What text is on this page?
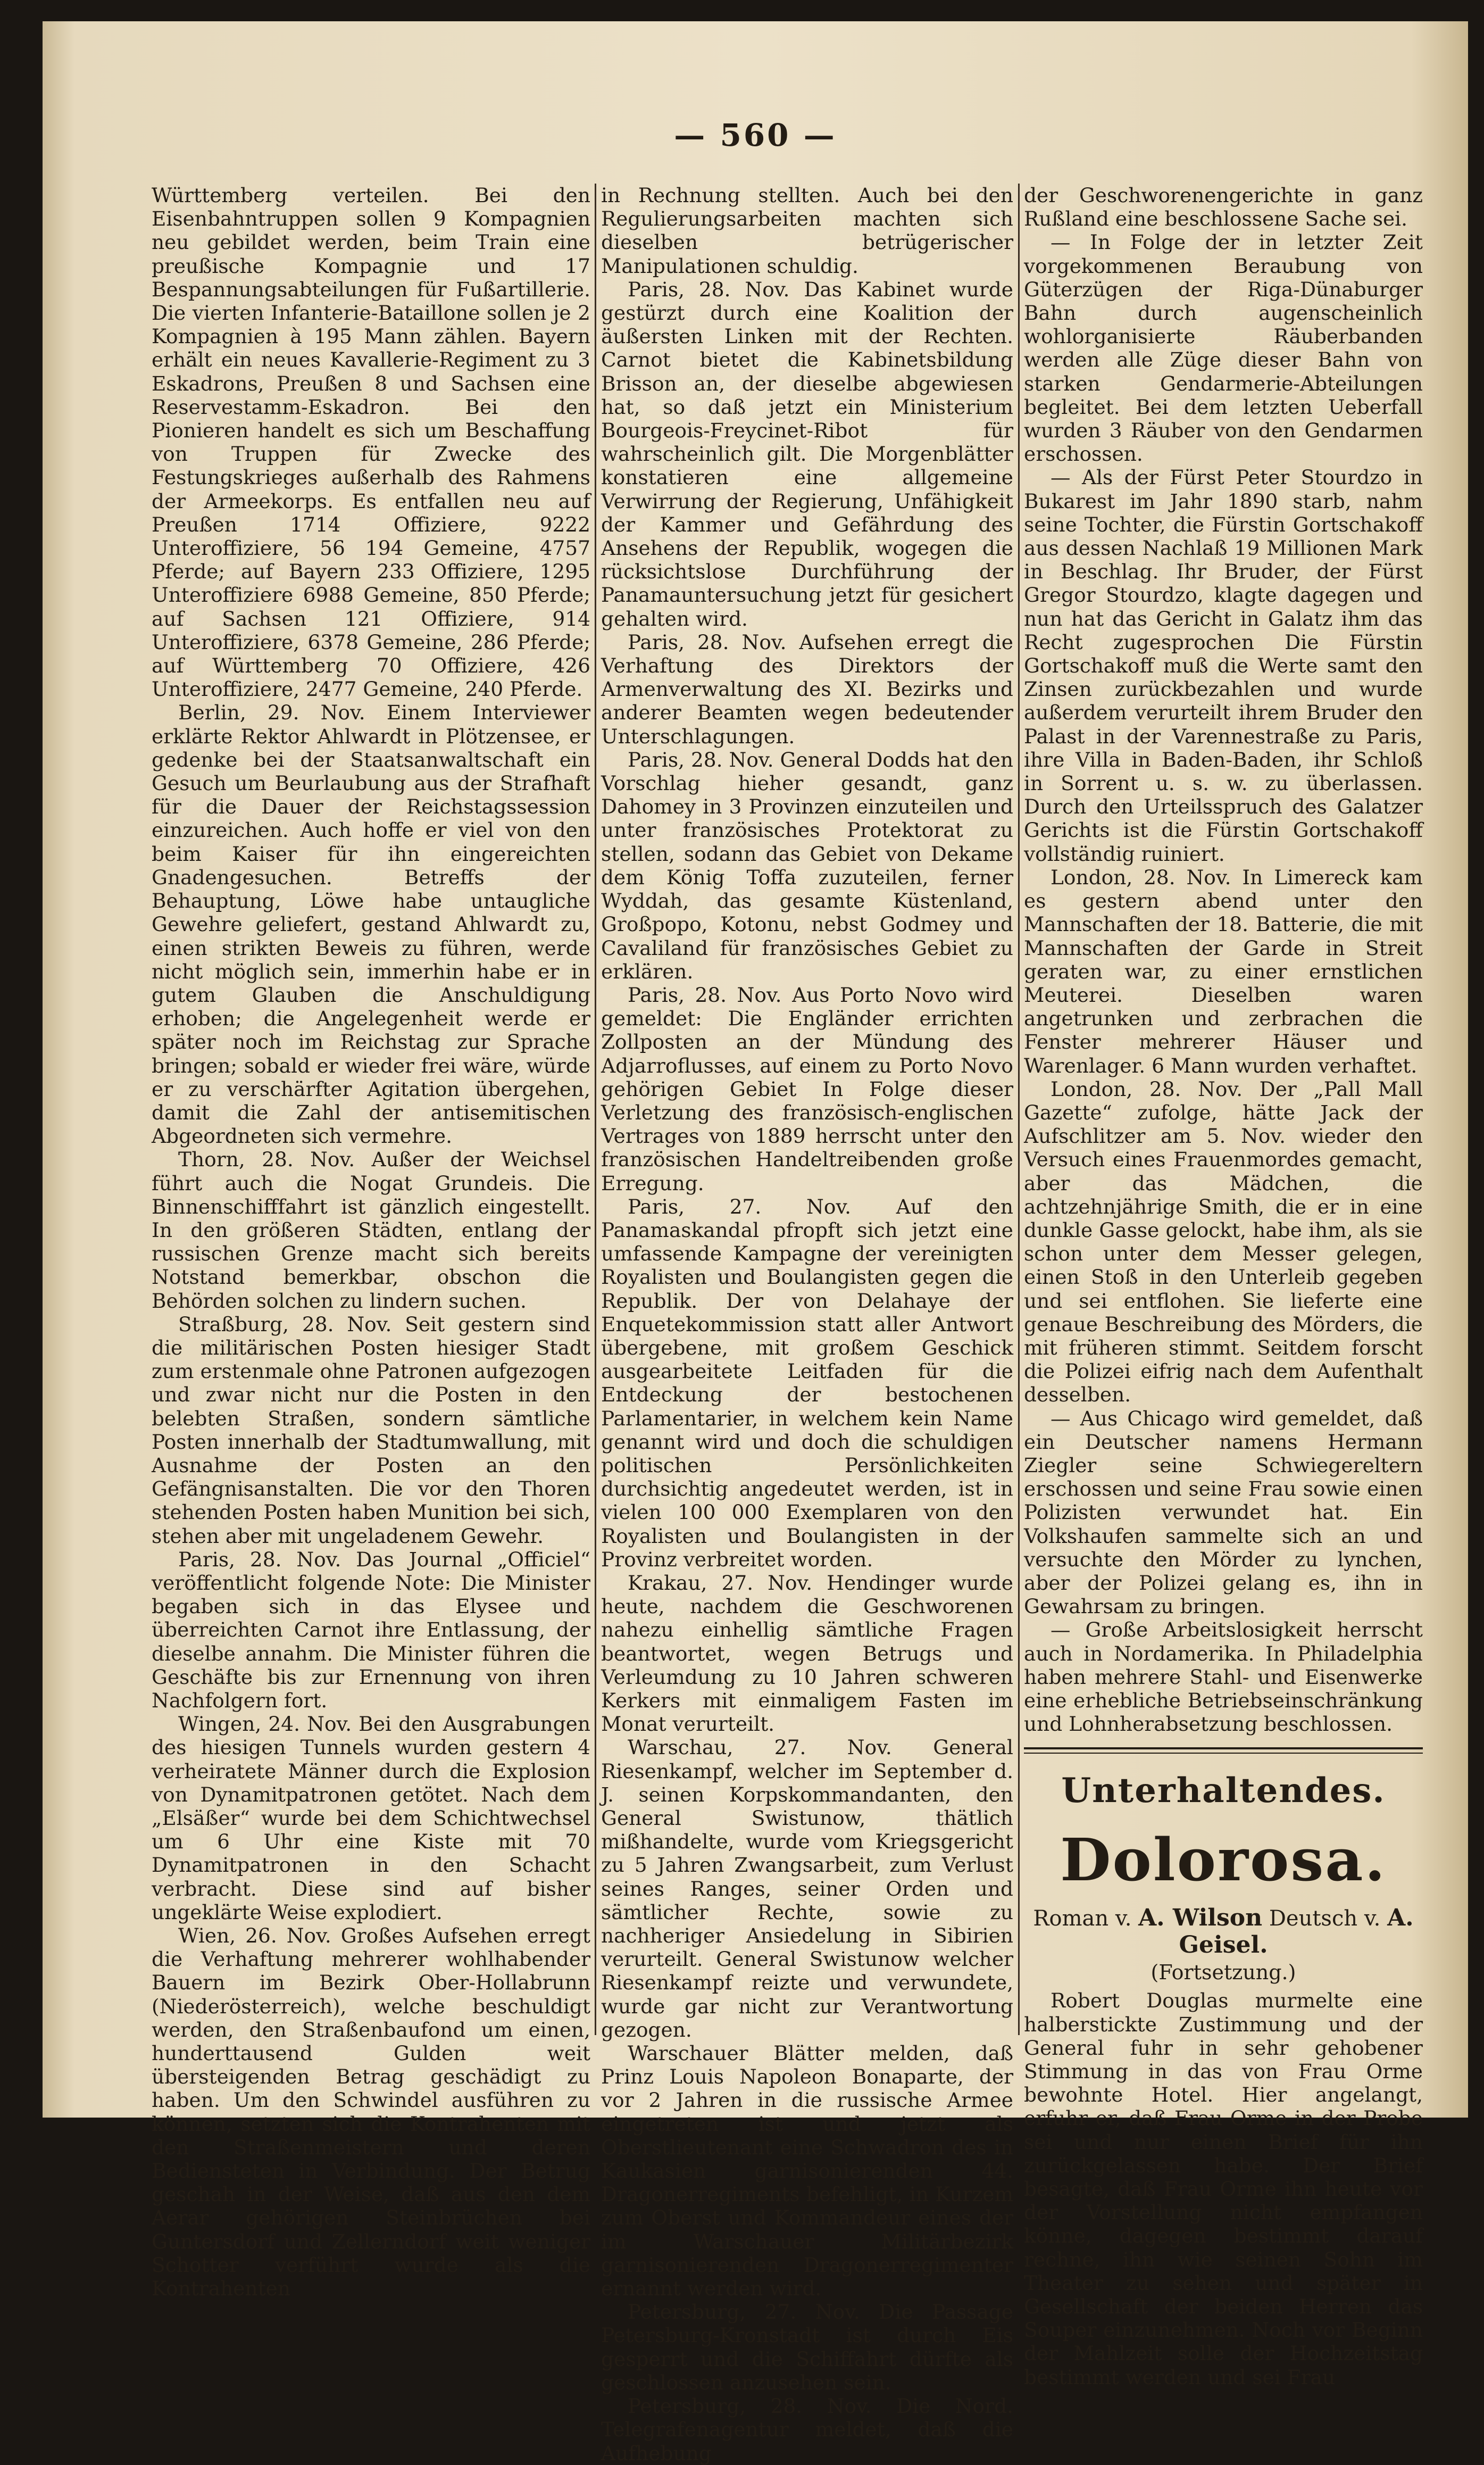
— 560 —

Württemberg verteilen. Bei den Eisenbahntruppen sollen 9 Kompagnien neu gebildet werden, beim Train eine preußische Kompagnie und 17 Bespannungsabteilungen für Fußartillerie. Die vierten Infanterie-Bataillone sollen je 2 Kompagnien à 195 Mann zählen. Bayern erhält ein neues Kavallerie-Regiment zu 3 Eskadrons, Preußen 8 und Sachsen eine Reservestamm-Eskadron. Bei den Pionieren handelt es sich um Beschaffung von Truppen für Zwecke des Festungskrieges außerhalb des Rahmens der Armeekorps. Es entfallen neu auf Preußen 1714 Offiziere, 9222 Unteroffiziere, 56 194 Gemeine, 4757 Pferde; auf Bayern 233 Offiziere, 1295 Unteroffiziere 6988 Gemeine, 850 Pferde; auf Sachsen 121 Offiziere, 914 Unteroffiziere, 6378 Gemeine, 286 Pferde; auf Württemberg 70 Offiziere, 426 Unteroffiziere, 2477 Gemeine, 240 Pferde.

Berlin, 29. Nov. Einem Interviewer erklärte Rektor Ahlwardt in Plötzensee, er gedenke bei der Staatsanwaltschaft ein Gesuch um Beurlaubung aus der Strafhaft für die Dauer der Reichstagssession einzureichen. Auch hoffe er viel von den beim Kaiser für ihn eingereichten Gnadengesuchen. Betreffs der Behauptung, Löwe habe untaugliche Gewehre geliefert, gestand Ahlwardt zu, einen strikten Beweis zu führen, werde nicht möglich sein, immerhin habe er in gutem Glauben die Anschuldigung erhoben; die Angelegenheit werde er später noch im Reichstag zur Sprache bringen; sobald er wieder frei wäre, würde er zu verschärfter Agitation übergehen, damit die Zahl der antisemitischen Abgeordneten sich vermehre.

Thorn, 28. Nov. Außer der Weichsel führt auch die Nogat Grundeis. Die Binnenschifffahrt ist gänzlich eingestellt. In den größeren Städten, entlang der russischen Grenze macht sich bereits Notstand bemerkbar, obschon die Behörden solchen zu lindern suchen.

Straßburg, 28. Nov. Seit gestern sind die militärischen Posten hiesiger Stadt zum erstenmale ohne Patronen aufgezogen und zwar nicht nur die Posten in den belebten Straßen, sondern sämtliche Posten innerhalb der Stadtumwallung, mit Ausnahme der Posten an den Gefängnisanstalten. Die vor den Thoren stehenden Posten haben Munition bei sich, stehen aber mit ungeladenem Gewehr.

Paris, 28. Nov. Das Journal „Officiel“ veröffentlicht folgende Note: Die Minister begaben sich in das Elysee und überreichten Carnot ihre Entlassung, der dieselbe annahm. Die Minister führen die Geschäfte bis zur Ernennung von ihren Nachfolgern fort.

Wingen, 24. Nov. Bei den Ausgrabungen des hiesigen Tunnels wurden gestern 4 verheiratete Männer durch die Explosion von Dynamitpatronen getötet. Nach dem „Elsäßer“ wurde bei dem Schichtwechsel um 6 Uhr eine Kiste mit 70 Dynamitpatronen in den Schacht verbracht. Diese sind auf bisher ungeklärte Weise explodiert.

Wien, 26. Nov. Großes Aufsehen erregt die Verhaftung mehrerer wohlhabender Bauern im Bezirk Ober-Hollabrunn (Niederösterreich), welche beschuldigt werden, den Straßenbaufond um einen, hunderttausend Gulden weit übersteigenden Betrag geschädigt zu haben. Um den Schwindel ausführen zu können, setzten sich die Kontrahenten mit den Straßenmeistern und deren Bediensteten in Verbindung. Der Betrug geschah in der Weise, daß aus den dem Aerar gehörigen Steinbrüchen bei Guntersdorf und Zellerndorf weit weniger Schotter verführt wurde als die Kontrahenten

in Rechnung stellten. Auch bei den Regulierungsarbeiten machten sich dieselben betrügerischer Manipulationen schuldig.

Paris, 28. Nov. Das Kabinet wurde gestürzt durch eine Koalition der äußersten Linken mit der Rechten. Carnot bietet die Kabinetsbildung Brisson an, der dieselbe abgewiesen hat, so daß jetzt ein Ministerium Bourgeois-Freycinet-Ribot für wahrscheinlich gilt. Die Morgenblätter konstatieren eine allgemeine Verwirrung der Regierung, Unfähigkeit der Kammer und Gefährdung des Ansehens der Republik, wogegen die rücksichtslose Durchführung der Panamauntersuchung jetzt für gesichert gehalten wird.

Paris, 28. Nov. Aufsehen erregt die Verhaftung des Direktors der Armenverwaltung des XI. Bezirks und anderer Beamten wegen bedeutender Unterschlagungen.

Paris, 28. Nov. General Dodds hat den Vorschlag hieher gesandt, ganz Dahomey in 3 Provinzen einzuteilen und unter französisches Protektorat zu stellen, sodann das Gebiet von Dekame dem König Toffa zuzuteilen, ferner Wyddah, das gesamte Küstenland, Großpopo, Kotonu, nebst Godmey und Cavaliland für französisches Gebiet zu erklären.

Paris, 28. Nov. Aus Porto Novo wird gemeldet: Die Engländer errichten Zollposten an der Mündung des Adjarroflusses, auf einem zu Porto Novo gehörigen Gebiet In Folge dieser Verletzung des französisch-englischen Vertrages von 1889 herrscht unter den französischen Handeltreibenden große Erregung.

Paris, 27. Nov. Auf den Panamaskandal pfropft sich jetzt eine umfassende Kampagne der vereinigten Royalisten und Boulangisten gegen die Republik. Der von Delahaye der Enquetekommission statt aller Antwort übergebene, mit großem Geschick ausgearbeitete Leitfaden für die Entdeckung der bestochenen Parlamentarier, in welchem kein Name genannt wird und doch die schuldigen politischen Persönlichkeiten durchsichtig angedeutet werden, ist in vielen 100 000 Exemplaren von den Royalisten und Boulangisten in der Provinz verbreitet worden.

Krakau, 27. Nov. Hendinger wurde heute, nachdem die Geschworenen nahezu einhellig sämtliche Fragen beantwortet, wegen Betrugs und Verleumdung zu 10 Jahren schweren Kerkers mit einmaligem Fasten im Monat verurteilt.

Warschau, 27. Nov. General Riesenkampf, welcher im September d. J. seinen Korpskommandanten, den General Swistunow, thätlich mißhandelte, wurde vom Kriegsgericht zu 5 Jahren Zwangsarbeit, zum Verlust seines Ranges, seiner Orden und sämtlicher Rechte, sowie zu nachheriger Ansiedelung in Sibirien verurteilt. General Swistunow welcher Riesenkampf reizte und verwundete, wurde gar nicht zur Verantwortung gezogen.

Warschauer Blätter melden, daß Prinz Louis Napoleon Bonaparte, der vor 2 Jahren in die russische Armee eingetreten ist und jetzt als Oberstlieutenant eine Schwadron des in Kaukasien garnisonierenden 44. Dragonerregiments befehligt, in Kurzem zum Oberst und Kommandeur eines der im Warschauer Militärbezirk garnisonierenden Dragonerregimenter ernannt werden wird.

Petersburg, 27. Nov. Die Passage Petersburg-Kronstadt ist durch Eis gesperrt und die Schiffahrt dürfte als geschlossen anzusehen sein.

Petersburg, 28. Nov. Die Nord. Telegrafenagentur meldet, daß die Aufhebung

der Geschworenengerichte in ganz Rußland eine beschlossene Sache sei.

— In Folge der in letzter Zeit vorgekommenen Beraubung von Güterzügen der Riga-Dünaburger Bahn durch augenscheinlich wohlorganisierte Räuberbanden werden alle Züge dieser Bahn von starken Gendarmerie-Abteilungen begleitet. Bei dem letzten Ueberfall wurden 3 Räuber von den Gendarmen erschossen.

— Als der Fürst Peter Stourdzo in Bukarest im Jahr 1890 starb, nahm seine Tochter, die Fürstin Gortschakoff aus dessen Nachlaß 19 Millionen Mark in Beschlag. Ihr Bruder, der Fürst Gregor Stourdzo, klagte dagegen und nun hat das Gericht in Galatz ihm das Recht zugesprochen Die Fürstin Gortschakoff muß die Werte samt den Zinsen zurückbezahlen und wurde außerdem verurteilt ihrem Bruder den Palast in der Varennestraße zu Paris, ihre Villa in Baden-Baden, ihr Schloß in Sorrent u. s. w. zu überlassen. Durch den Urteilsspruch des Galatzer Gerichts ist die Fürstin Gortschakoff vollständig ruiniert.

London, 28. Nov. In Limereck kam es gestern abend unter den Mannschaften der 18. Batterie, die mit Mannschaften der Garde in Streit geraten war, zu einer ernstlichen Meuterei. Dieselben waren angetrunken und zerbrachen die Fenster mehrerer Häuser und Warenlager. 6 Mann wurden verhaftet.

London, 28. Nov. Der „Pall Mall Gazette“ zufolge, hätte Jack der Aufschlitzer am 5. Nov. wieder den Versuch eines Frauenmordes gemacht, aber das Mädchen, die achtzehnjährige Smith, die er in eine dunkle Gasse gelockt, habe ihm, als sie schon unter dem Messer gelegen, einen Stoß in den Unterleib gegeben und sei entflohen. Sie lieferte eine genaue Beschreibung des Mörders, die mit früheren stimmt. Seitdem forscht die Polizei eifrig nach dem Aufenthalt desselben.

— Aus Chicago wird gemeldet, daß ein Deutscher namens Hermann Ziegler seine Schwiegereltern erschossen und seine Frau sowie einen Polizisten verwundet hat. Ein Volkshaufen sammelte sich an und versuchte den Mörder zu lynchen, aber der Polizei gelang es, ihn in Gewahrsam zu bringen.

— Große Arbeitslosigkeit herrscht auch in Nordamerika. In Philadelphia haben mehrere Stahl- und Eisenwerke eine erhebliche Betriebseinschränkung und Lohnherabsetzung beschlossen.

Unterhaltendes.
Dolorosa.
Roman v. A. Wilson Deutsch v. A. Geisel.
(Fortsetzung.)

Robert Douglas murmelte eine halberstickte Zustimmung und der General fuhr in sehr gehobener Stimmung in das von Frau Orme bewohnte Hotel. Hier angelangt, erfuhr er, daß Frau Orme in der Probe sei und nur einen Brief für ihn zurückgelassen habe. Der Brief besagte, daß Frau Orme ihn heute vor der Vorstellung nicht empfangen könne, dagegen bestimmt darauf rechne, ihn wie seinen Sohn im Theater zu sehen und später in Gesellschaft der beiden Herren das Souper einzunehmen. Noch vor Beginn der Mahlzeit solle der Hochzeitstag bestimmt werden und sei Frau
